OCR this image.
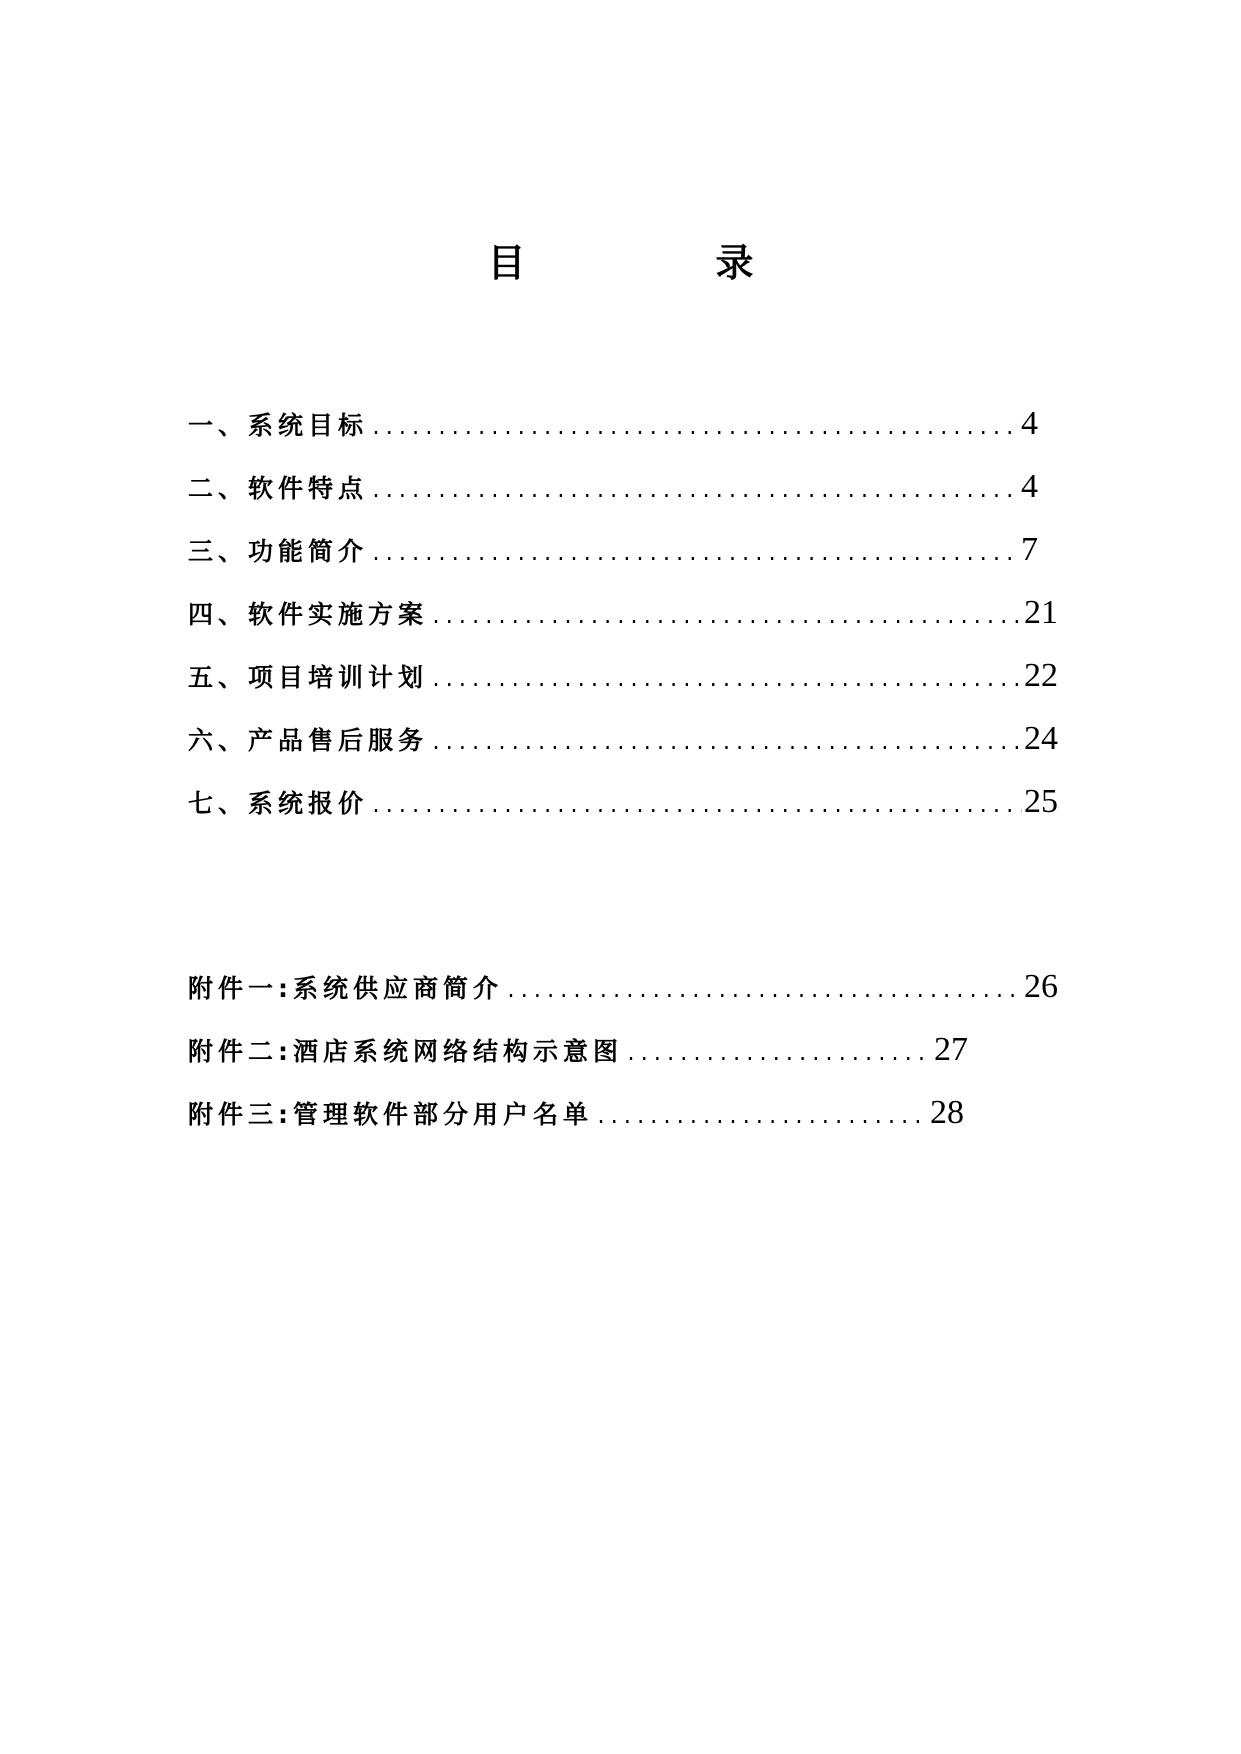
目　录
一、系统目标 .....	4
二、软件特点 .....	4
三、功能简介 .....	7
四、软件实施方案 .....	21
五、项目培训计划 .....	22
六、产品售后服务 .....	24
七、系统报价 .....	25
附件一:系统供应商简介 .....	26
附件二:酒店系统网络结构示意图 .....	27
附件三:管理软件部分用户名单 .....	28
